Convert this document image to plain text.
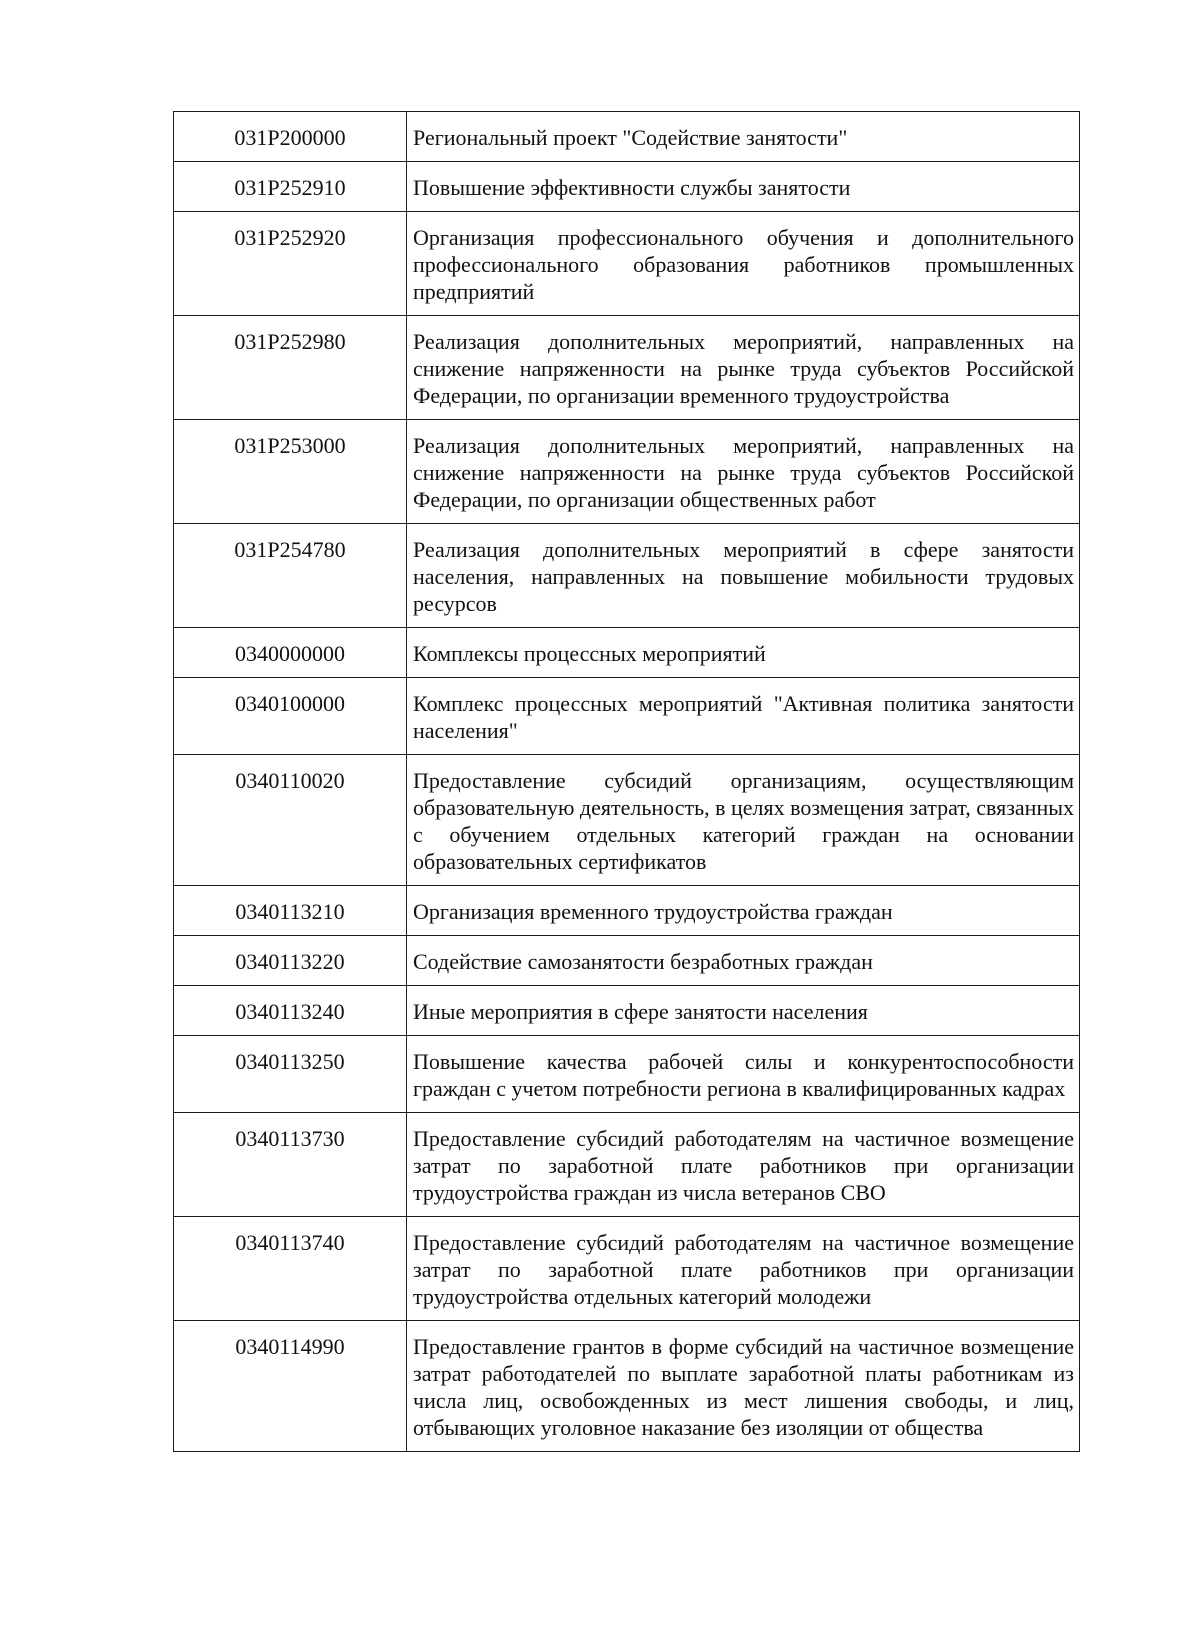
031P200000	Региональный проект "Содействие занятости"
031P252910	Повышение эффективности службы занятости
031P252920	Организация профессионального обучения и дополнительного профессионального образования работников промышленных предприятий
031P252980	Реализация дополнительных мероприятий, направленных на снижение напряженности на рынке труда субъектов Российской Федерации, по организации временного трудоустройства
031P253000	Реализация дополнительных мероприятий, направленных на снижение напряженности на рынке труда субъектов Российской Федерации, по организации общественных работ
031P254780	Реализация дополнительных мероприятий в сфере занятости населения, направленных на повышение мобильности трудовых ресурсов
0340000000	Комплексы процессных мероприятий
0340100000	Комплекс процессных мероприятий "Активная политика занятости населения"
0340110020	Предоставление субсидий организациям, осуществляющим образовательную деятельность, в целях возмещения затрат, связанных с обучением отдельных категорий граждан на основании образовательных сертификатов
0340113210	Организация временного трудоустройства граждан
0340113220	Содействие самозанятости безработных граждан
0340113240	Иные мероприятия в сфере занятости населения
0340113250	Повышение качества рабочей силы и конкурентоспособности граждан с учетом потребности региона в квалифицированных кадрах
0340113730	Предоставление субсидий работодателям на частичное возмещение затрат по заработной плате работников при организации трудоустройства граждан из числа ветеранов СВО
0340113740	Предоставление субсидий работодателям на частичное возмещение затрат по заработной плате работников при организации трудоустройства отдельных категорий молодежи
0340114990	Предоставление грантов в форме субсидий на частичное возмещение затрат работодателей по выплате заработной платы работникам из числа лиц, освобожденных из мест лишения свободы, и лиц, отбывающих уголовное наказание без изоляции от общества
